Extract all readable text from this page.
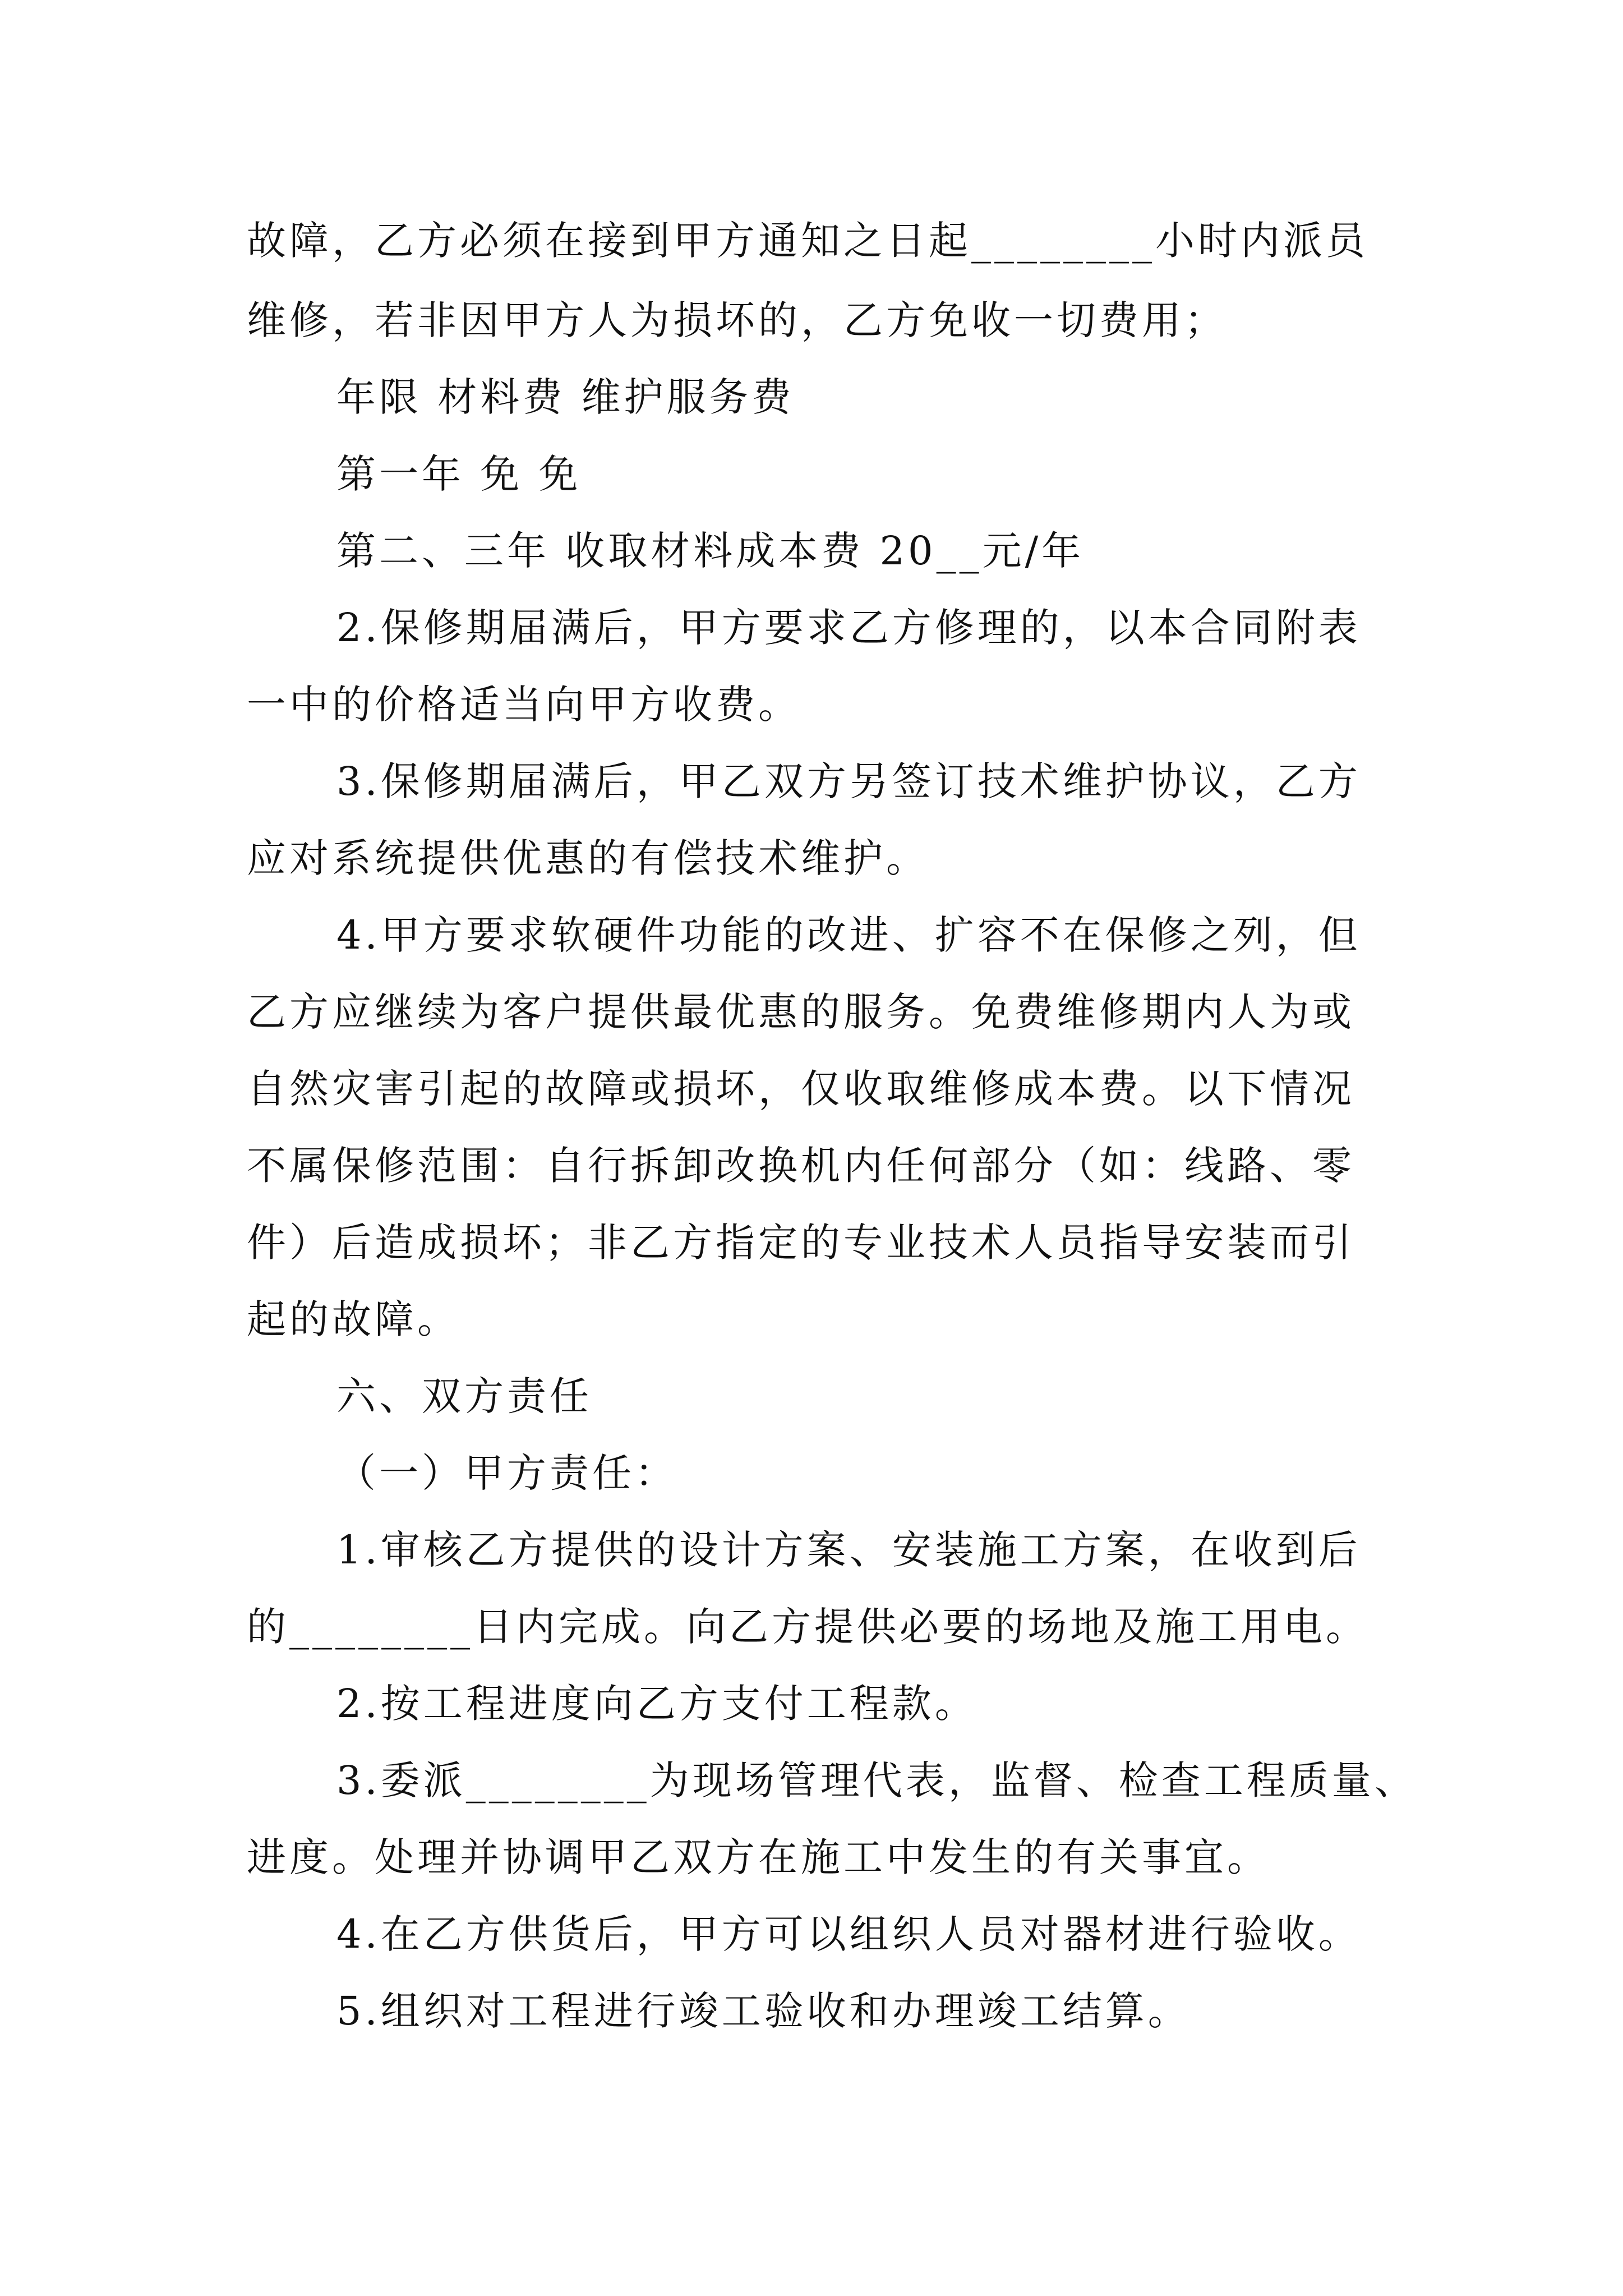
故障，乙方必须在接到甲方通知之日起________小时内派员
维修，若非因甲方人为损坏的，乙方免收一切费用；
年限 材料费 维护服务费
第一年 免 免
第二、三年 收取材料成本费 20__元/年
2.保修期届满后，甲方要求乙方修理的，以本合同附表
一中的价格适当向甲方收费。
3.保修期届满后，甲乙双方另签订技术维护协议，乙方
应对系统提供优惠的有偿技术维护。
4.甲方要求软硬件功能的改进、扩容不在保修之列，但
乙方应继续为客户提供最优惠的服务。免费维修期内人为或
自然灾害引起的故障或损坏，仅收取维修成本费。以下情况
不属保修范围：自行拆卸改换机内任何部分（如：线路、零
件）后造成损坏；非乙方指定的专业技术人员指导安装而引
起的故障。
六、双方责任
（一）甲方责任：
1.审核乙方提供的设计方案、安装施工方案，在收到后
的________日内完成。向乙方提供必要的场地及施工用电。
2.按工程进度向乙方支付工程款。
3.委派________为现场管理代表，监督、检查工程质量、
进度。处理并协调甲乙双方在施工中发生的有关事宜。
4.在乙方供货后，甲方可以组织人员对器材进行验收。
5.组织对工程进行竣工验收和办理竣工结算。
